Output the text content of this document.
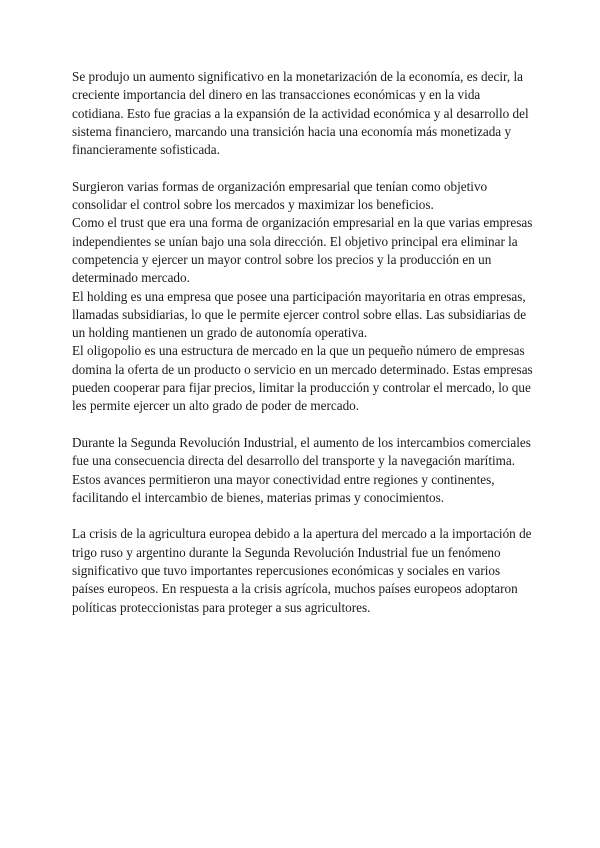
Se produjo un aumento significativo en la monetarización de la economía, es decir, la creciente importancia del dinero en las transacciones económicas y en la vida cotidiana. Esto fue gracias a la expansión de la actividad económica y al desarrollo del sistema financiero, marcando una transición hacia una economía más monetizada y financieramente sofisticada.

Surgieron varias formas de organización empresarial que tenían como objetivo consolidar el control sobre los mercados y maximizar los beneficios.
Como el trust que era una forma de organización empresarial en la que varias empresas independientes se unían bajo una sola dirección. El objetivo principal era eliminar la competencia y ejercer un mayor control sobre los precios y la producción en un determinado mercado.
El holding es una empresa que posee una participación mayoritaria en otras empresas, llamadas subsidiarias, lo que le permite ejercer control sobre ellas. Las subsidiarias de un holding mantienen un grado de autonomía operativa.
El oligopolio es una estructura de mercado en la que un pequeño número de empresas domina la oferta de un producto o servicio en un mercado determinado. Estas empresas pueden cooperar para fijar precios, limitar la producción y controlar el mercado, lo que les permite ejercer un alto grado de poder de mercado.

Durante la Segunda Revolución Industrial, el aumento de los intercambios comerciales fue una consecuencia directa del desarrollo del transporte y la navegación marítima. Estos avances permitieron una mayor conectividad entre regiones y continentes, facilitando el intercambio de bienes, materias primas y conocimientos.

La crisis de la agricultura europea debido a la apertura del mercado a la importación de trigo ruso y argentino durante la Segunda Revolución Industrial fue un fenómeno significativo que tuvo importantes repercusiones económicas y sociales en varios países europeos. En respuesta a la crisis agrícola, muchos países europeos adoptaron políticas proteccionistas para proteger a sus agricultores.
